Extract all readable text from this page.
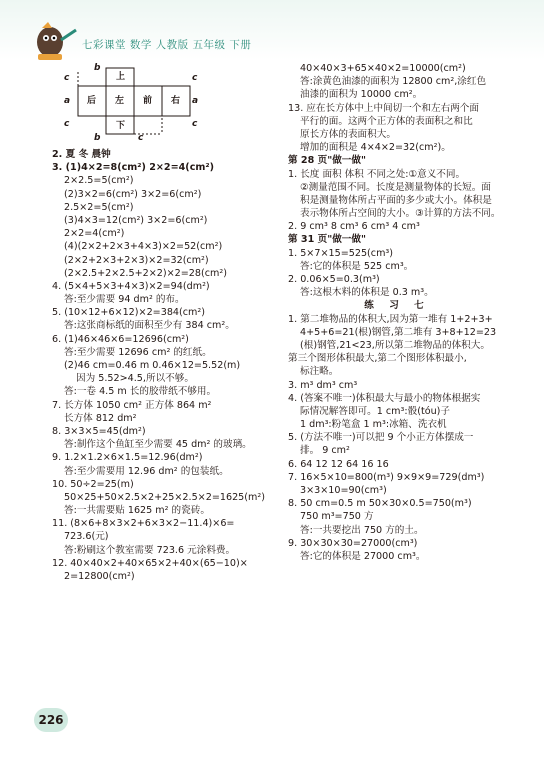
七彩课堂 数学 人教版 五年级 下册
c
a
c
b
b	c
c
a
c
上
下
后 左 前 右
2. 夏 冬 晨钟
3. (1)4×2=8(cm²) 2×2=4(cm²)
2×2.5=5(cm²)
(2)3×2=6(cm²) 3×2=6(cm²)
2.5×2=5(cm²)
(3)4×3=12(cm²) 3×2=6(cm²)
2×2=4(cm²)
(4)(2×2+2×3+4×3)×2=52(cm²)
(2×2+2×3+2×3)×2=32(cm²)
(2×2.5+2×2.5+2×2)×2=28(cm²)
4. (5×4+5×3+4×3)×2=94(dm²)
答:至少需要 94 dm² 的布。
5. (10×12+6×12)×2=384(cm²)
答:这张商标纸的面积至少有 384 cm²。
6. (1)46×46×6=12696(cm²)
答:至少需要 12696 cm² 的红纸。
(2)46 cm=0.46 m 0.46×12=5.52(m)
因为 5.52>4.5,所以不够。
答:一卷 4.5 m 长的胶带纸不够用。
7. 长方体 1050 cm² 正方体 864 m²
长方体 812 dm²
8. 3×3×5=45(dm²)
答:制作这个鱼缸至少需要 45 dm² 的玻璃。
9. 1.2×1.2×6×1.5=12.96(dm²)
答:至少需要用 12.96 dm² 的包装纸。
10. 50÷2=25(m)
50×25+50×2.5×2+25×2.5×2=1625(m²)
答:一共需要贴 1625 m² 的瓷砖。
11. (8×6+8×3×2+6×3×2−11.4)×6=
723.6(元)
答:粉刷这个教室需要 723.6 元涂料费。
12. 40×40×2+40×65×2+40×(65−10)×
2=12800(cm²)
40×40×3+65×40×2=10000(cm²)
答:涂黄色油漆的面积为 12800 cm²,涂红色
油漆的面积为 10000 cm²。
13. 应在长方体中上中间切一个和左右两个面
平行的面。这两个正方体的表面积之和比
原长方体的表面积大。
增加的面积是 4×4×2=32(cm²)。
第 28 页"做一做"
1. 长度 面积 体积 不同之处:①意义不同。
②测量范围不同。长度是测量物体的长短。面
积是测量物体所占平面的多少或大小。体积是
表示物体所占空间的大小。③计算的方法不同。
2. 9 cm³ 8 cm³ 6 cm³ 4 cm³
第 31 页"做一做"
1. 5×7×15=525(cm³)
答:它的体积是 525 cm³。
2. 0.06×5=0.3(m³)
答:这根木料的体积是 0.3 m³。
练 习 七
1. 第二堆物品的体积大,因为第一堆有 1+2+3+
4+5+6=21(根)钢管,第二堆有 3+8+12=23
(根)钢管,21<23,所以第二堆物品的体积大。
第三个图形体积最大,第二个图形体积最小,
标注略。
3. m³ dm³ cm³
4. (答案不唯一)体积最大与最小的物体根据实
际情况解答即可。1 cm³:骰(tóu)子
1 dm³:粉笔盒 1 m³:冰箱、洗衣机
5. (方法不唯一)可以把 9 个小正方体摆成一
排。 9 cm²
6. 64 12 12 64 16 16
7. 16×5×10=800(m³) 9×9×9=729(dm³)
3×3×10=90(cm³)
8. 50 cm=0.5 m 50×30×0.5=750(m³)
750 m³=750 方
答:一共要挖出 750 方的土。
9. 30×30×30=27000(cm³)
答:它的体积是 27000 cm³。
226
